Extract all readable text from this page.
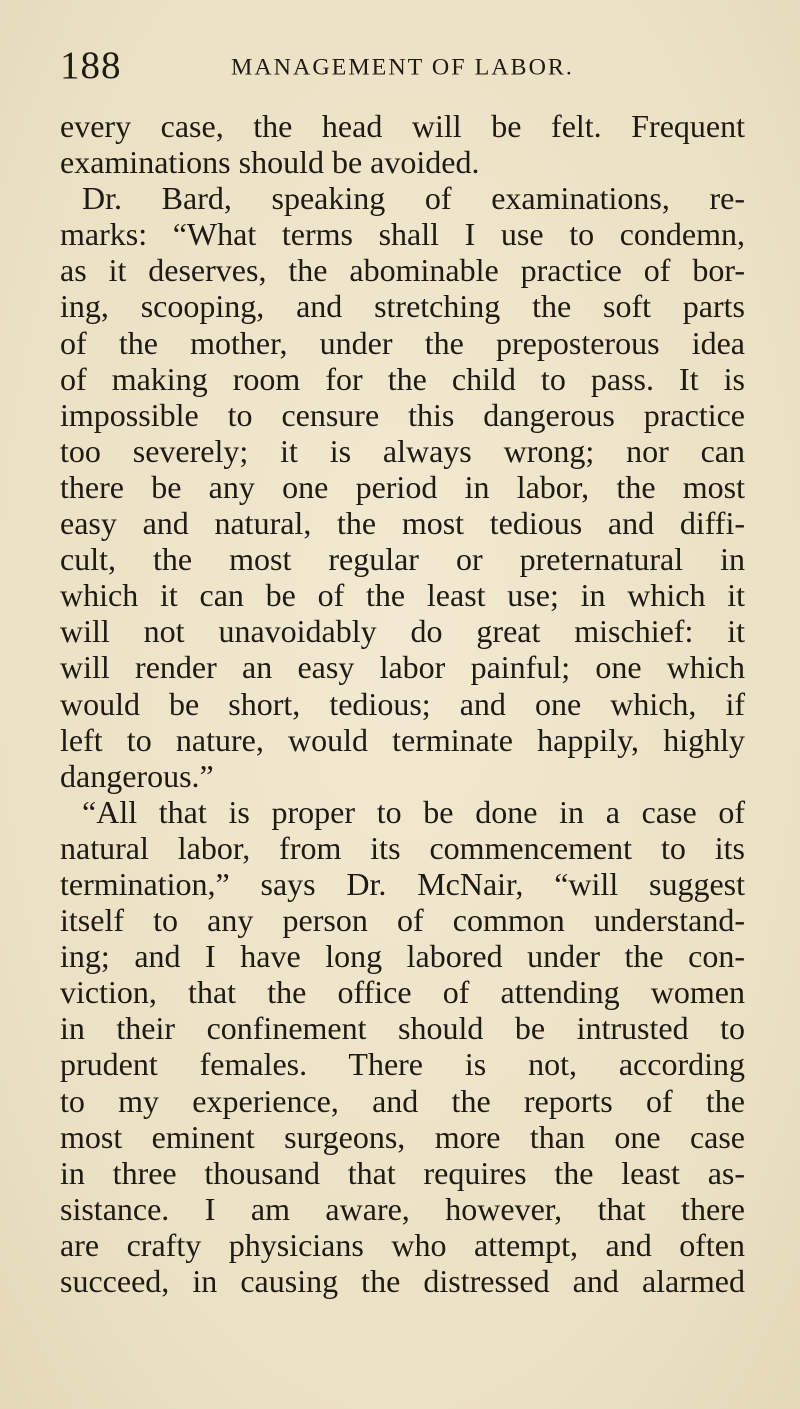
188	MANAGEMENT OF LABOR.
every case, the head will be felt. Frequent
examinations should be avoided.
Dr. Bard, speaking of examinations, re-
marks: “What terms shall I use to condemn,
as it deserves, the abominable practice of bor-
ing, scooping, and stretching the soft parts
of the mother, under the preposterous idea
of making room for the child to pass. It is
impossible to censure this dangerous practice
too severely; it is always wrong; nor can
there be any one period in labor, the most
easy and natural, the most tedious and diffi-
cult, the most regular or preternatural in
which it can be of the least use; in which it
will not unavoidably do great mischief: it
will render an easy labor painful; one which
would be short, tedious; and one which, if
left to nature, would terminate happily, highly
dangerous.”
“All that is proper to be done in a case of
natural labor, from its commencement to its
termination,” says Dr. McNair, “will suggest
itself to any person of common understand-
ing; and I have long labored under the con-
viction, that the office of attending women
in their confinement should be intrusted to
prudent females. There is not, according
to my experience, and the reports of the
most eminent surgeons, more than one case
in three thousand that requires the least as-
sistance. I am aware, however, that there
are crafty physicians who attempt, and often
succeed, in causing the distressed and alarmed
